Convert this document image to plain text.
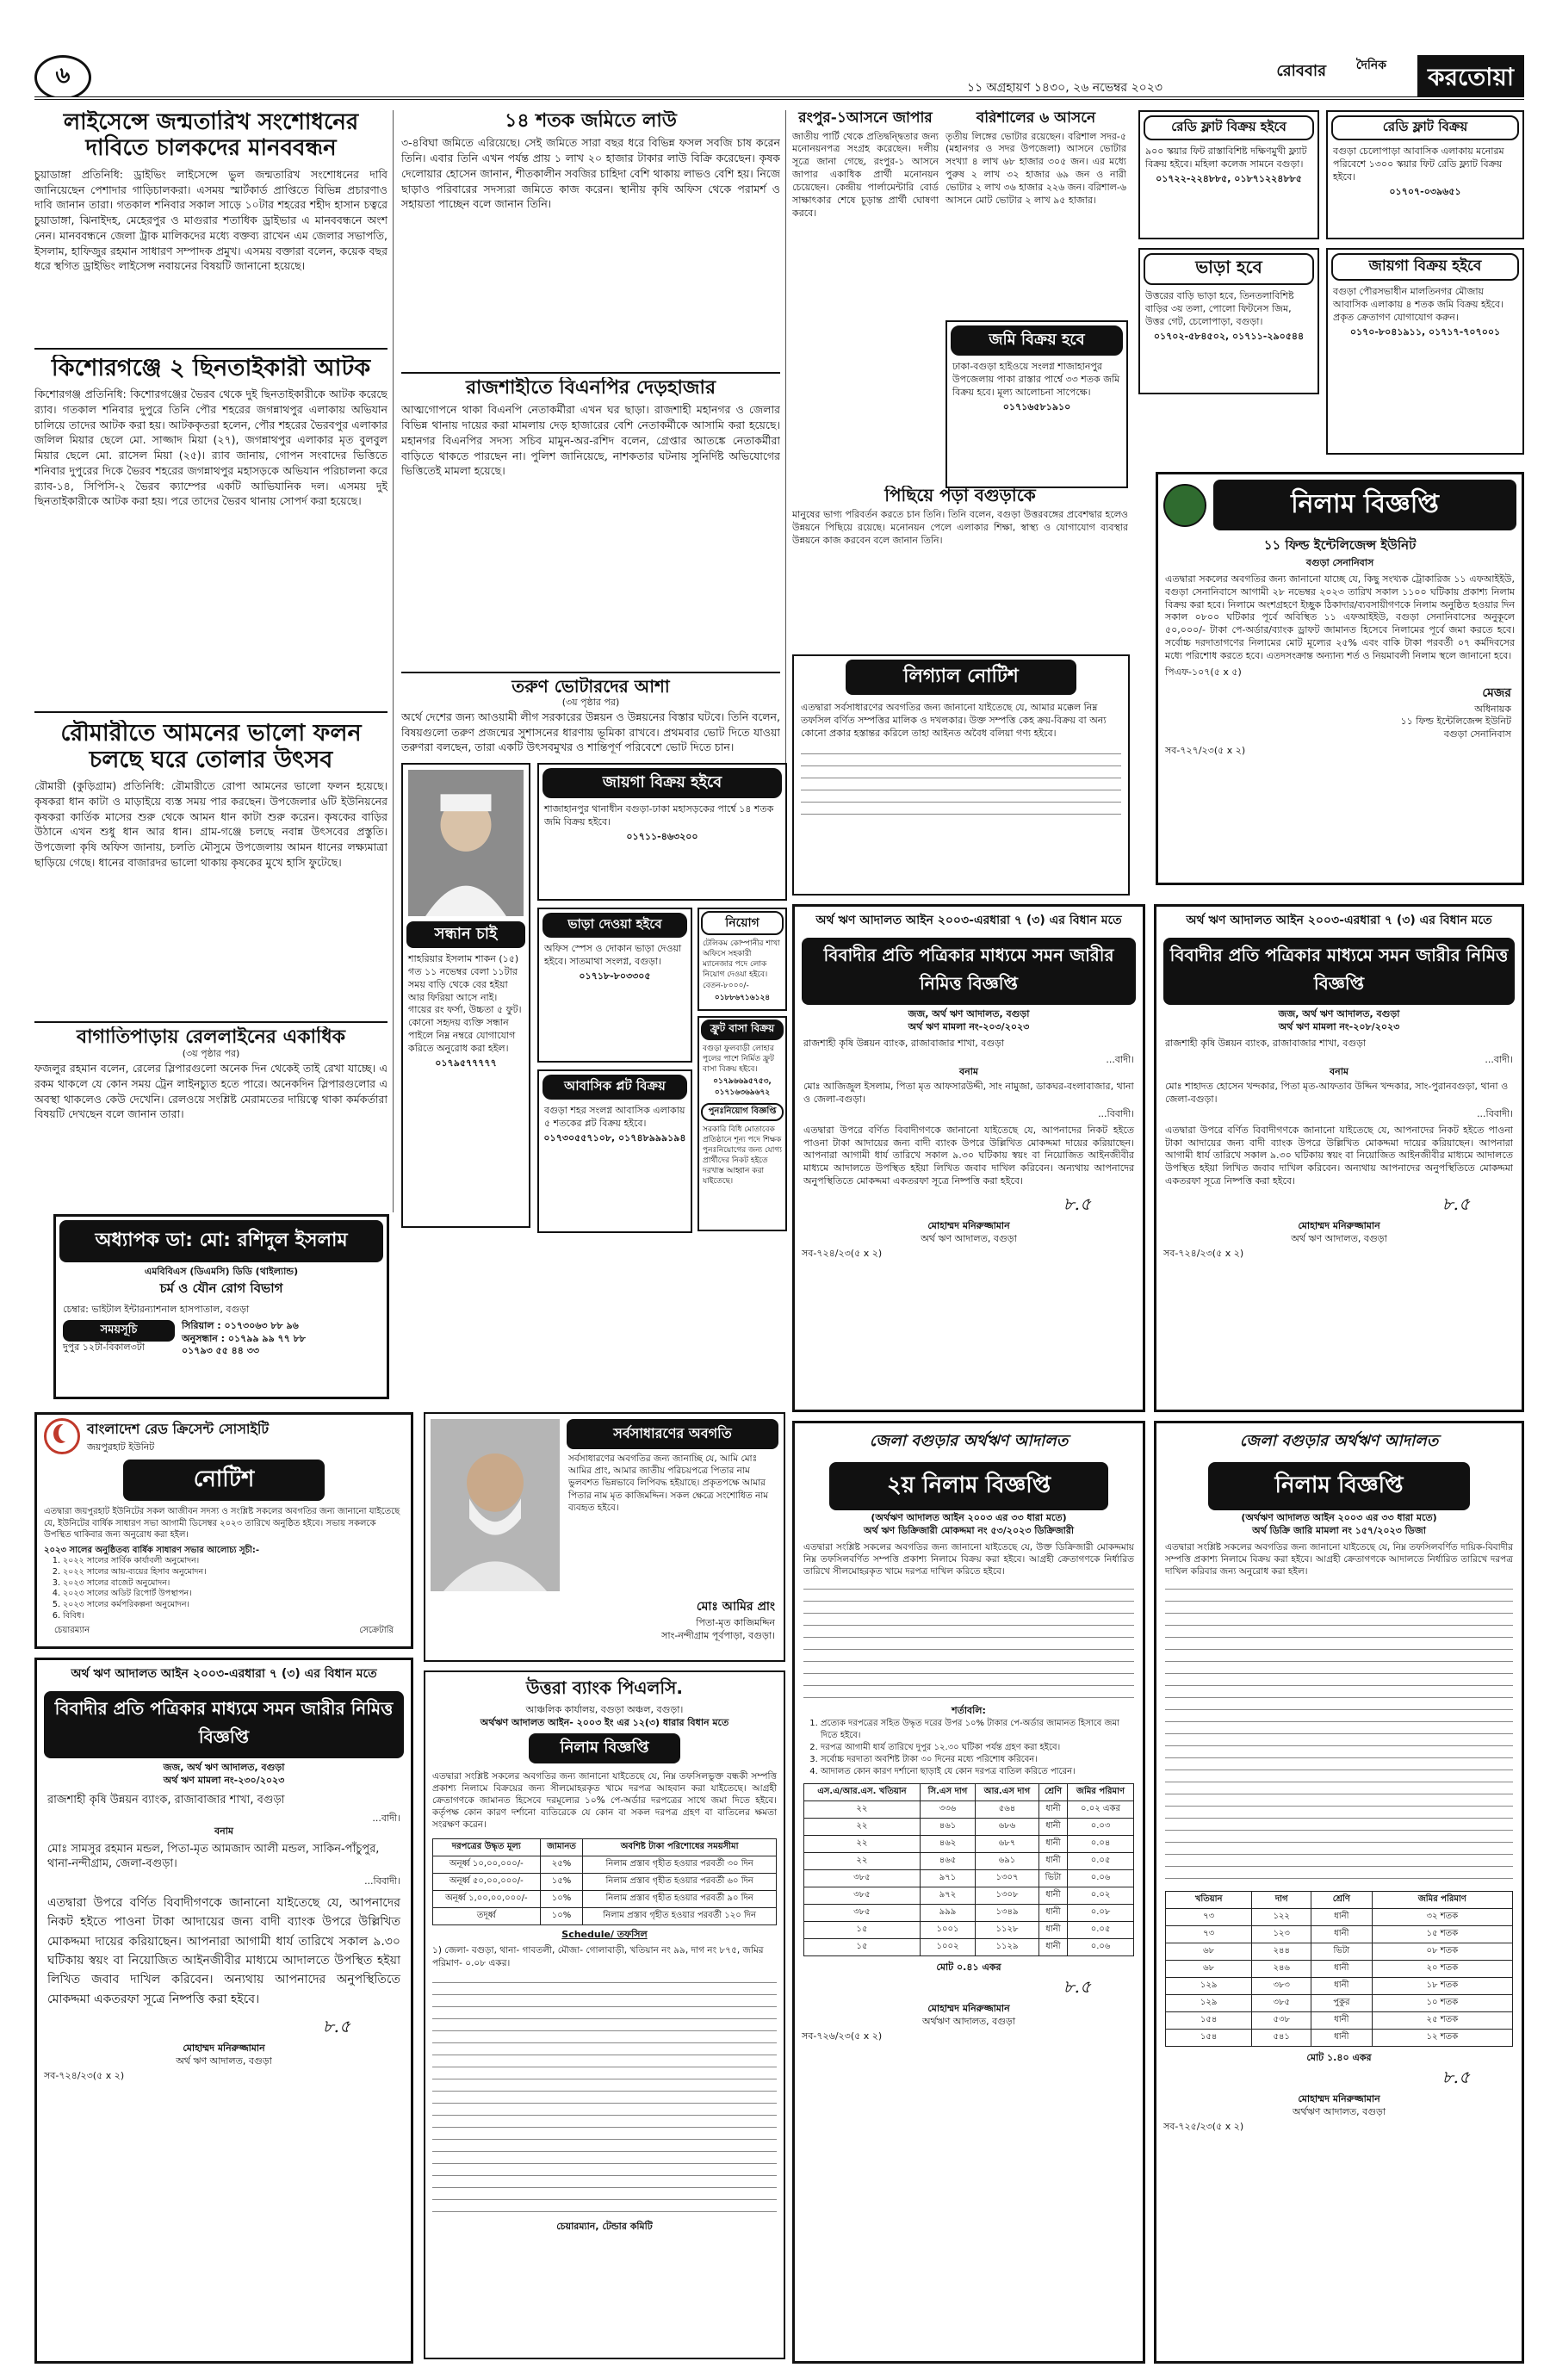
৬	রোববার
১১ অগ্রহায়ণ ১৪৩০, ২৬ নভেম্বর ২০২৩
দৈনিক	করতোয়া
লাইসেন্সে জন্মতারিখ সংশোধনের
দাবিতে চালকদের মানববন্ধন
চুয়াডাঙ্গা প্রতিনিধি: ড্রাইভিং লাইসেন্সে ভুল জন্মতারিখ সংশোধনের দাবি জানিয়েছেন পেশাদার গাড়িচালকরা। এসময় স্মার্টকার্ড প্রাপ্তিতে বিভিন্ন প্রচারণাও দাবি জানান তারা। গতকাল শনিবার সকাল সাড়ে ১০টার শহরের শহীদ হাসান চত্বরে চুয়াডাঙ্গা, ঝিনাইদহ, মেহেরপুর ও মাগুরার শতাধিক ড্রাইভার এ মানববন্ধনে অংশ নেন। মানববন্ধনে জেলা ট্রাক মালিকদের মধ্যে বক্তব্য রাখেন এম জেলার সভাপতি, ইসলাম, হাফিজুর রহমান সাধারণ সম্পাদক প্রমুখ। এসময় বক্তারা বলেন, কয়েক বছর ধরে স্থগিত ড্রাইভিং লাইসেন্স নবায়নের বিষয়টি জানানো হয়েছে।
কিশোরগঞ্জে ২ ছিনতাইকারী আটক
কিশোরগঞ্জ প্রতিনিধি: কিশোরগঞ্জের ভৈরব থেকে দুই ছিনতাইকারীকে আটক করেছে র‍্যাব। গতকাল শনিবার দুপুরে তিনি পৌর শহরের জগন্নাথপুর এলাকায় অভিযান চালিয়ে তাদের আটক করা হয়। আটককৃতরা হলেন, পৌর শহরের ভৈরবপুর এলাকার জলিল মিয়ার ছেলে মো. সাজ্জাদ মিয়া (২৭), জগন্নাথপুর এলাকার মৃত বুলবুল মিয়ার ছেলে মো. রাসেল মিয়া (২৫)। র‍্যাব জানায়, গোপন সংবাদের ভিত্তিতে শনিবার দুপুরের দিকে ভৈরব শহরের জগন্নাথপুর মহাসড়কে অভিযান পরিচালনা করে র‍্যাব-১৪, সিপিসি-২ ভৈরব ক্যাম্পের একটি আভিযানিক দল। এসময় দুই ছিনতাইকারীকে আটক করা হয়। পরে তাদের ভৈরব থানায় সোপর্দ করা হয়েছে।
রৌমারীতে আমনের ভালো ফলন
চলছে ঘরে তোলার উৎসব
রৌমারী (কুড়িগ্রাম) প্রতিনিধি: রৌমারীতে রোপা আমনের ভালো ফলন হয়েছে। কৃষকরা ধান কাটা ও মাড়াইয়ে ব্যস্ত সময় পার করছেন। উপজেলার ৬টি ইউনিয়নের কৃষকরা কার্তিক মাসের শুরু থেকে আমন ধান কাটা শুরু করেন। কৃষকের বাড়ির উঠানে এখন শুধু ধান আর ধান। গ্রাম-গঞ্জে চলছে নবান্ন উৎসবের প্রস্তুতি। উপজেলা কৃষি অফিস জানায়, চলতি মৌসুমে উপজেলায় আমন ধানের লক্ষ্যমাত্রা ছাড়িয়ে গেছে। ধানের বাজারদর ভালো থাকায় কৃষকের মুখে হাসি ফুটেছে।
বাগাতিপাড়ায় রেললাইনের একাধিক
(৩য় পৃষ্ঠার পর)
ফজলুর রহমান বলেন, রেলের স্লিপারগুলো অনেক দিন থেকেই তাই রেখা যাচ্ছে। এ রকম থাকলে যে কোন সময় ট্রেন লাইনচ্যুত হতে পারে। অনেকদিন স্লিপারগুলোর এ অবস্থা থাকলেও কেউ দেখেনি। রেলওয়ে সংশ্লিষ্ট মেরামতের দায়িত্বে থাকা কর্মকর্তারা বিষয়টি দেখছেন বলে জানান তারা।
অধ্যাপক ডা: মো: রশিদুল ইসলাম
এমবিবিএস (ডিএমসি) ডিডি (থাইল্যান্ড)
চর্ম ও যৌন রোগ বিভাগ
চেম্বার: ভাইটাল ইন্টারন্যাশনাল হাসপাতাল, বগুড়া
সময়সূচি
দুপুর ১২টা-বিকাল৩টা
সিরিয়াল : ০১৭৩০৬৩ ৮৮ ৯৬
অনুসন্ধান : ০১৭৯৯ ৯৯ ৭৭ ৮৮
০১৭৯৩ ৫৫ ৪৪ ৩৩
১৪ শতক জমিতে লাউ
৩-৪বিঘা জমিতে এরিয়েছে। সেই জমিতে সারা বছর ধরে বিভিন্ন ফসল সবজি চাষ করেন তিনি। এবার তিনি এখন পর্যন্ত প্রায় ১ লাখ ২০ হাজার টাকার লাউ বিক্রি করেছেন। কৃষক দেলোয়ার হোসেন জানান, শীতকালীন সবজির চাহিদা বেশি থাকায় লাভও বেশি হয়। নিজে ছাড়াও পরিবারের সদস্যরা জমিতে কাজ করেন। স্থানীয় কৃষি অফিস থেকে পরামর্শ ও সহায়তা পাচ্ছেন বলে জানান তিনি।
রাজশাহীতে বিএনপির দেড়হাজার
আত্মগোপনে থাকা বিএনপি নেতাকর্মীরা এখন ঘর ছাড়া। রাজশাহী মহানগর ও জেলার বিভিন্ন থানায় দায়ের করা মামলায় দেড় হাজারের বেশি নেতাকর্মীকে আসামি করা হয়েছে। মহানগর বিএনপির সদস্য সচিব মামুন-অর-রশিদ বলেন, গ্রেপ্তার আতঙ্কে নেতাকর্মীরা বাড়িতে থাকতে পারছেন না। পুলিশ জানিয়েছে, নাশকতার ঘটনায় সুনির্দিষ্ট অভিযোগের ভিত্তিতেই মামলা হয়েছে।
তরুণ ভোটারদের আশা
(৩য় পৃষ্ঠার পর)
অর্থে দেশের জন্য আওয়ামী লীগ সরকারের উন্নয়ন ও উন্নয়নের বিস্তার ঘটবে। তিনি বলেন, বিষয়গুলো তরুণ প্রজন্মের সুশাসনের ধারণায় ভূমিকা রাখবে। প্রথমবার ভোট দিতে যাওয়া তরুণরা বলছেন, তারা একটি উৎসবমুখর ও শান্তিপূর্ণ পরিবেশে ভোট দিতে চান।
রংপুর-১আসনে জাপার
জাতীয় পার্টি থেকে প্রতিদ্বন্দ্বিতার জন্য মনোনয়নপত্র সংগ্রহ করেছেন। দলীয় সূত্রে জানা গেছে, রংপুর-১ আসনে জাপার একাধিক প্রার্থী মনোনয়ন চেয়েছেন। কেন্দ্রীয় পার্লামেন্টারি বোর্ড সাক্ষাৎকার শেষে চূড়ান্ত প্রার্থী ঘোষণা করবে।
বরিশালের ৬ আসনে
তৃতীয় লিঙ্গের ভোটার রয়েছেন। বরিশাল সদর-৫ (মহানগর ও সদর উপজেলা) আসনে ভোটার সংখ্যা ৪ লাখ ৬৮ হাজার ৩০৫ জন। এর মধ্যে পুরুষ ২ লাখ ৩২ হাজার ৬৯ জন ও নারী ভোটার ২ লাখ ৩৬ হাজার ২২৬ জন। বরিশাল-৬ আসনে মোট ভোটার ২ লাখ ৯৫ হাজার।
জমি বিক্রয় হবে
ঢাকা-বগুড়া হাইওয়ে সংলগ্ন শাজাহানপুর উপজেলায় পাকা রাস্তার পার্শ্বে ৩৩ শতক জমি বিক্রয় হবে। মূল্য আলোচনা সাপেক্ষে।
০১৭১৬৫৮১৯১০
পিছিয়ে পড়া বগুড়াকে
মানুষের ভাগ্য পরিবর্তন করতে চান তিনি। তিনি বলেন, বগুড়া উত্তরবঙ্গের প্রবেশদ্বার হলেও উন্নয়নে পিছিয়ে রয়েছে। মনোনয়ন পেলে এলাকার শিক্ষা, স্বাস্থ্য ও যোগাযোগ ব্যবস্থার উন্নয়নে কাজ করবেন বলে জানান তিনি।
লিগ্যাল নোটিশ
এতদ্বারা সর্বসাধারণের অবগতির জন্য জানানো যাইতেছে যে, আমার মক্কেল নিম্ন তফসিল বর্ণিত সম্পত্তির মালিক ও দখলকার। উক্ত সম্পত্তি কেহ ক্রয়-বিক্রয় বা অন্য কোনো প্রকার হস্তান্তর করিলে তাহা আইনত অবৈধ বলিয়া গণ্য হইবে।
রেডি ফ্লাট বিক্রয় হইবে
৯০০ স্কয়ার ফিট রাস্তাবিশিষ্ট দক্ষিণমুখী ফ্ল্যাট বিক্রয় হইবে। মহিলা কলেজ সামনে বগুড়া।
০১৭২২-২২৪৮৮৫, ০১৮৭১২২৪৮৮৫
রেডি ফ্লাট বিক্রয়
বগুড়া চেলোপাড়া আবাসিক এলাকায় মনোরম পরিবেশে ১৩০০ স্কয়ার ফিট রেডি ফ্ল্যাট বিক্রয় হইবে।
০১৭০৭-০৩৯৬৫১
ভাড়া হবে
উত্তরের বাড়ি ভাড়া হবে, তিনতলাবিশিষ্ট বাড়ির ৩য় তলা, পোলো ফিটনেস জিম, উত্তর গেট, চেলোপাড়া, বগুড়া।
০১৭০২-৫৮৪৫০২, ০১৭১১-২৯০৫৪৪
জায়গা বিক্রয় হইবে
বগুড়া পৌরসভাধীন মালতিনগর মৌজায় আবাসিক এলাকায় ৪ শতক জমি বিক্রয় হইবে। প্রকৃত ক্রেতাগণ যোগাযোগ করুন।
০১৭০-৮০৪১৯১১, ০১৭১৭-৭০৭০০১
নিলাম বিজ্ঞপ্তি
১১ ফিল্ড ইন্টেলিজেন্স ইউনিট
বগুড়া সেনানিবাস
এতদ্বারা সকলের অবগতির জন্য জানানো যাচ্ছে যে, কিছু সংখ্যক ট্রোকারিজ ১১ এফআইইউ, বগুড়া সেনানিবাসে আগামী ২৮ নভেম্বর ২০২৩ তারিখ সকাল ১১০০ ঘটিকায় প্রকাশ্য নিলাম বিক্রয় করা হবে। নিলামে অংশগ্রহণে ইচ্ছুক ঠিকাদার/ব্যবসায়ীগণকে নিলাম অনুষ্ঠিত হওয়ার দিন সকাল ০৮০০ ঘটিকার পূর্বে অবিস্থিত ১১ এফআইইউ, বগুড়া সেনানিবাসের অনুকূলে ৫০,০০০/- টাকা পে-অর্ডার/ব্যাংক ড্রাফট জামানত হিসেবে নিলামের পূর্বে জমা করতে হবে। সর্বোচ্চ দরদাতাগণের নিলামের মোট মূল্যের ২৫% এবং বাকি টাকা পরবর্তী ০৭ কর্মদিবসের মধ্যে পরিশোধ করতে হবে। এতদসংক্রান্ত অন্যান্য শর্ত ও নিয়মাবলী নিলাম স্থলে জানানো হবে।
পিএফ-১০৭(৫ x ৫)
মেজর
অধিনায়ক
১১ ফিল্ড ইন্টেলিজেন্স ইউনিট
বগুড়া সেনানিবাস
সব-৭২৭/২৩(৫ x ২)
সন্ধান চাই
শাহরিয়ার ইসলাম শাকন (১৫) গত ১১ নভেম্বর বেলা ১১টার সময় বাড়ি থেকে বের হইয়া আর ফিরিয়া আসে নাই। গায়ের রং ফর্সা, উচ্চতা ৫ ফুট। কোনো সহৃদয় ব্যক্তি সন্ধান পাইলে নিম্ন নম্বরে যোগাযোগ করিতে অনুরোধ করা হইল।
০১৭৯৫৭৭৭৭৭
জায়গা বিক্রয় হইবে
শাজাহানপুর থানাধীন বগুড়া-ঢাকা মহাসড়কের পার্শ্বে ১৪ শতক জমি বিক্রয় হইবে।
০১৭১১-৪৬৩২০০
ভাড়া দেওয়া হইবে
অফিস স্পেস ও দোকান ভাড়া দেওয়া হইবে। সাতমাথা সংলগ্ন, বগুড়া।
০১৭১৮-৮০৩৩০৫
আবাসিক প্লট বিক্রয়
বগুড়া শহর সংলগ্ন আবাসিক এলাকায় ৫ শতকের প্লট বিক্রয় হইবে।
০১৭৩০৫৫৭১০৮, ০১৭৪৮৯৯৯১৯৪
নিয়োগ
টেলিকম কোম্পানীর শাখা অফিসে সহকারী ম্যানেজার পদে লোক নিয়োগ দেওয়া হইবে। বেতন-৮০০০/-
০১৮৮৬৭১৬১২৪
ফ্রুট বাসা বিক্রয়
বগুড়া ফুলবাড়ী লোহার পুলের পাশে নির্মিত ফ্রুট বাসা বিক্রয় হইবে।
০১৭৯৬৬৯৫৭৫৩, ০১৭১৬৩৬৯৬৭২
পুনঃনিয়োগ বিজ্ঞপ্তি
সরকারি বিধি মোতাবেক প্রতিষ্ঠানে শূন্য পদে শিক্ষক পুনঃনিয়োগের জন্য যোগ্য প্রার্থীদের নিকট হইতে দরখাস্ত আহ্বান করা যাইতেছে।
অর্থ ঋণ আদালত আইন ২০০৩-এরধারা ৭ (৩) এর বিধান মতে
বিবাদীর প্রতি পত্রিকার মাধ্যমে সমন জারীর নিমিত্ত বিজ্ঞপ্তি
জজ, অর্থ ঋণ আদালত, বগুড়া
অর্থ ঋণ মামলা নং-২০৩/২০২৩
রাজশাহী কৃষি উন্নয়ন ব্যাংক, রাজাবাজার শাখা, বগুড়া
...বাদী।
বনাম
মোঃ আজিজুল ইসলাম, পিতা মৃত আফসারউদ্দী, সাং নামুজা, ডাকঘর-বংলাবাজার, থানা ও জেলা-বগুড়া।
...বিবাদী।
এতদ্বারা উপরে বর্ণিত বিবাদীগণকে জানানো যাইতেছে যে, আপনাদের নিকট হইতে পাওনা টাকা আদায়ের জন্য বাদী ব্যাংক উপরে উল্লিখিত মোকদ্দমা দায়ের করিয়াছেন। আপনারা আগামী ধার্য তারিখে সকাল ৯.৩০ ঘটিকায় স্বয়ং বা নিয়োজিত আইনজীবীর মাধ্যমে আদালতে উপস্থিত হইয়া লিখিত জবাব দাখিল করিবেন। অন্যথায় আপনাদের অনুপস্থিতিতে মোকদ্দমা একতরফা সূত্রে নিষ্পত্তি করা হইবে।
৮.৫
মোহাম্মদ মনিরুজ্জামান
অর্থ ঋণ আদালত, বগুড়া
সব-৭২৪/২৩(৫ x ২)
অর্থ ঋণ আদালত আইন ২০০৩-এরধারা ৭ (৩) এর বিধান মতে
বিবাদীর প্রতি পত্রিকার মাধ্যমে সমন জারীর নিমিত্ত বিজ্ঞপ্তি
জজ, অর্থ ঋণ আদালত, বগুড়া
অর্থ ঋণ মামলা নং-২০৮/২০২৩
রাজশাহী কৃষি উন্নয়ন ব্যাংক, রাজাবাজার শাখা, বগুড়া
...বাদী।
বনাম
মোঃ শাহাদত হোসেন খন্দকার, পিতা মৃত-আফতাব উদ্দিন খন্দকার, সাং-পুরানবগুড়া, থানা ও জেলা-বগুড়া।
...বিবাদী।
এতদ্বারা উপরে বর্ণিত বিবাদীগণকে জানানো যাইতেছে যে, আপনাদের নিকট হইতে পাওনা টাকা আদায়ের জন্য বাদী ব্যাংক উপরে উল্লিখিত মোকদ্দমা দায়ের করিয়াছেন। আপনারা আগামী ধার্য তারিখে সকাল ৯.৩০ ঘটিকায় স্বয়ং বা নিয়োজিত আইনজীবীর মাধ্যমে আদালতে উপস্থিত হইয়া লিখিত জবাব দাখিল করিবেন। অন্যথায় আপনাদের অনুপস্থিতিতে মোকদ্দমা একতরফা সূত্রে নিষ্পত্তি করা হইবে।
৮.৫
মোহাম্মদ মনিরুজ্জামান
অর্থ ঋণ আদালত, বগুড়া
সব-৭২৪/২৩(৫ x ২)
বাংলাদেশ রেড ক্রিসেন্ট সোসাইটি
জয়পুরহাট ইউনিট
নোটিশ
এতদ্বারা জয়পুরহাট ইউনিটের সকল আজীবন সদস্য ও সংশ্লিষ্ট সকলের অবগতির জন্য জানানো যাইতেছে যে, ইউনিটের বার্ষিক সাধারণ সভা আগামী ডিসেম্বর ২০২৩ তারিখে অনুষ্ঠিত হইবে। সভায় সকলকে উপস্থিত থাকিবার জন্য অনুরোধ করা হইল।
২০২৩ সালের অনুষ্ঠিতব্য বার্ষিক সাধারণ সভার আলোচ্য সূচী:-
1. ২০২২ সালের সার্বিক কার্যাবলী অনুমোদন।
2. ২০২২ সালের আয়-ব্যয়ের হিসাব অনুমোদন।
3. ২০২৩ সালের বাজেট অনুমোদন।
4. ২০২৩ সালের অডিট রিপোর্ট উপস্থাপন।
5. ২০২৩ সালের কর্মপরিকল্পনা অনুমোদন।
6. বিবিধ।
চেয়ারম্যান	সেক্রেটারি
সর্বসাধারণের অবগতি
সর্বসাধারণের অবগতির জন্য জানাচ্ছি যে, আমি মোঃ আমির প্রাং, আমার জাতীয় পরিচয়পত্রে পিতার নাম ভুলবশত ভিন্নভাবে লিপিবদ্ধ হইয়াছে। প্রকৃতপক্ষে আমার পিতার নাম মৃত কাজিমদ্দিন। সকল ক্ষেত্রে সংশোধিত নাম ব্যবহৃত হইবে।
মোঃ আমির প্রাং
পিতা-মৃত কাজিমদ্দিন
সাং-নন্দীগ্রাম পূর্বপাড়া, বগুড়া।
উত্তরা ব্যাংক পিএলসি.
আঞ্চলিক কার্যালয়, বগুড়া অঞ্চল, বগুড়া।
অর্থঋণ আদালত আইন- ২০০৩ ইং এর ১২(৩) ধারার বিধান মতে
নিলাম বিজ্ঞপ্তি
এতদ্বারা সংশ্লিষ্ট সকলের অবগতির জন্য জানানো যাইতেছে যে, নিম্ন তফসিলভুক্ত বন্ধকী সম্পত্তি প্রকাশ্য নিলামে বিক্রয়ের জন্য সীলমোহরকৃত খামে দরপত্র আহবান করা যাইতেছে। আগ্রহী ক্রেতাগণকে জামানত হিসেবে দরমূল্যের ১০% পে-অর্ডার দরপত্রের সাথে জমা দিতে হইবে। কর্তৃপক্ষ কোন কারণ দর্শানো ব্যতিরেকে যে কোন বা সকল দরপত্র গ্রহণ বা বাতিলের ক্ষমতা সংরক্ষণ করেন।
দরপত্রের উদ্ধৃত মূল্য	জামানত	অবশিষ্ট টাকা পরিশোধের সময়সীমা
অনূর্ধ্ব ১০,০০,০০০/-	২৫%	নিলাম প্রস্তাব গৃহীত হওয়ার পরবর্তী ৩০ দিন
অনূর্ধ্ব ৫০,০০,০০০/-	১৫%	নিলাম প্রস্তাব গৃহীত হওয়ার পরবর্তী ৬০ দিন
অনূর্ধ্ব ১,০০,০০,০০০/-	১০%	নিলাম প্রস্তাব গৃহীত হওয়ার পরবর্তী ৯০ দিন
তদূর্ধ্ব	১০%	নিলাম প্রস্তাব গৃহীত হওয়ার পরবর্তী ১২০ দিন
Schedule/ তফসিল
১) জেলা- বগুড়া, থানা- গাবতলী, মৌজা- গোলাবাড়ী, খতিয়ান নং ৯৯, দাগ নং ৮৭৫, জমির পরিমাণ- ০.০৮ একর।
চেয়ারম্যান, টেন্ডার কমিটি
অর্থ ঋণ আদালত আইন ২০০৩-এরধারা ৭ (৩) এর বিধান মতে
বিবাদীর প্রতি পত্রিকার মাধ্যমে সমন জারীর নিমিত্ত বিজ্ঞপ্তি
জজ, অর্থ ঋণ আদালত, বগুড়া
অর্থ ঋণ মামলা নং-২৩০/২০২৩
রাজশাহী কৃষি উন্নয়ন ব্যাংক, রাজাবাজার শাখা, বগুড়া
...বাদী।
বনাম
মোঃ সামসুর রহমান মন্ডল, পিতা-মৃত আমজাদ আলী মন্ডল, সাকিন-পাঁচুপুর, থানা-নন্দীগ্রাম, জেলা-বগুড়া।
...বিবাদী।
এতদ্বারা উপরে বর্ণিত বিবাদীগণকে জানানো যাইতেছে যে, আপনাদের নিকট হইতে পাওনা টাকা আদায়ের জন্য বাদী ব্যাংক উপরে উল্লিখিত মোকদ্দমা দায়ের করিয়াছেন। আপনারা আগামী ধার্য তারিখে সকাল ৯.৩০ ঘটিকায় স্বয়ং বা নিয়োজিত আইনজীবীর মাধ্যমে আদালতে উপস্থিত হইয়া লিখিত জবাব দাখিল করিবেন। অন্যথায় আপনাদের অনুপস্থিতিতে মোকদ্দমা একতরফা সূত্রে নিষ্পত্তি করা হইবে।
৮.৫
মোহাম্মদ মনিরুজ্জামান
অর্থ ঋণ আদালত, বগুড়া
সব-৭২৪/২৩(৫ x ২)
জেলা বগুড়ার অর্থঋণ আদালত
২য় নিলাম বিজ্ঞপ্তি
(অর্থঋণ আদালত আইন ২০০৩ এর ৩৩ ধারা মতে)
অর্থ ঋণ ডিক্রিজারী মোকদ্দমা নং ৫৩/২০২৩ ডিক্রিজারী
এতদ্বারা সংশ্লিষ্ট সকলের অবগতির জন্য জানানো যাইতেছে যে, উক্ত ডিক্রিজারী মোকদ্দমায় নিম্ন তফসিলবর্ণিত সম্পত্তি প্রকাশ্য নিলামে বিক্রয় করা হইবে। আগ্রহী ক্রেতাগণকে নির্ধারিত তারিখে সীলমোহরকৃত খামে দরপত্র দাখিল করিতে হইবে।
শর্তাবলি:
1. প্রত্যেক দরপত্রের সহিত উদ্ধৃত দরের উপর ১০% টাকার পে-অর্ডার জামানত হিসাবে জমা দিতে হইবে।
2. দরপত্র আগামী ধার্য তারিখে দুপুর ১২.৩০ ঘটিকা পর্যন্ত গ্রহণ করা হইবে।
3. সর্বোচ্চ দরদাতা অবশিষ্ট টাকা ৩০ দিনের মধ্যে পরিশোধ করিবেন।
4. আদালত কোন কারণ দর্শানো ছাড়াই যে কোন দরপত্র বাতিল করিতে পারেন।
এস.এ/আর.এস. খতিয়ান	সি.এস দাগ	আর.এস দাগ	শ্রেণি	জমির পরিমাণ
২২	৩৩৬	৫৬৪	ধানী	০.০২ একর
২২	৪৬১	৬৮৬	ধানী	০.০৩
২২	৪৬২	৬৮৭	ধানী	০.০৪
২২	৪৬৫	৬৯১	ধানী	০.০৫
৩৮৫	৯৭১	১৩০৭	ভিটা	০.০৬
৩৮৫	৯৭২	১৩০৮	ধানী	০.০২
৩৮৫	৯৯৯	১৩৪৯	ধানী	০.০৮
১৫	১০০১	১১২৮	ধানী	০.০৫
১৫	১০০২	১১২৯	ধানী	০.০৬
মোট ০.৪১ একর
৮.৫
মোহাম্মদ মনিরুজ্জামান
অর্থঋণ আদালত, বগুড়া
সব-৭২৬/২৩(৫ x ২)
জেলা বগুড়ার অর্থঋণ আদালত
নিলাম বিজ্ঞপ্তি
(অর্থঋণ আদালত আইন ২০০৩ এর ৩৩ ধারা মতে)
অর্থ ডিক্রি জারি মামলা নং ১৫৭/২০২৩ ডিজা
এতদ্বারা সংশ্লিষ্ট সকলের অবগতির জন্য জানানো যাইতেছে যে, নিম্ন তফসিলবর্ণিত দায়িক-বিবাদীর সম্পত্তি প্রকাশ্য নিলামে বিক্রয় করা হইবে। আগ্রহী ক্রেতাগণকে আদালতে নির্ধারিত তারিখে দরপত্র দাখিল করিবার জন্য অনুরোধ করা হইল।
খতিয়ান	দাগ	শ্রেণি	জমির পরিমাণ
৭৩	১২২	ধানী	৩২ শতক
৭৩	১২৩	ধানী	১৫ শতক
৬৮	২৪৪	ভিটা	০৮ শতক
৬৮	২৪৬	ধানী	২০ শতক
১২৯	৩৮৩	ধানী	১৮ শতক
১২৯	৩৮৫	পুকুর	১০ শতক
১৫৪	৫৩৮	ধানী	২৫ শতক
১৫৪	৫৪১	ধানী	১২ শতক
মোট ১.৪০ একর
৮.৫
মোহাম্মদ মনিরুজ্জামান
অর্থঋণ আদালত, বগুড়া
সব-৭২৫/২৩(৫ x ২)
